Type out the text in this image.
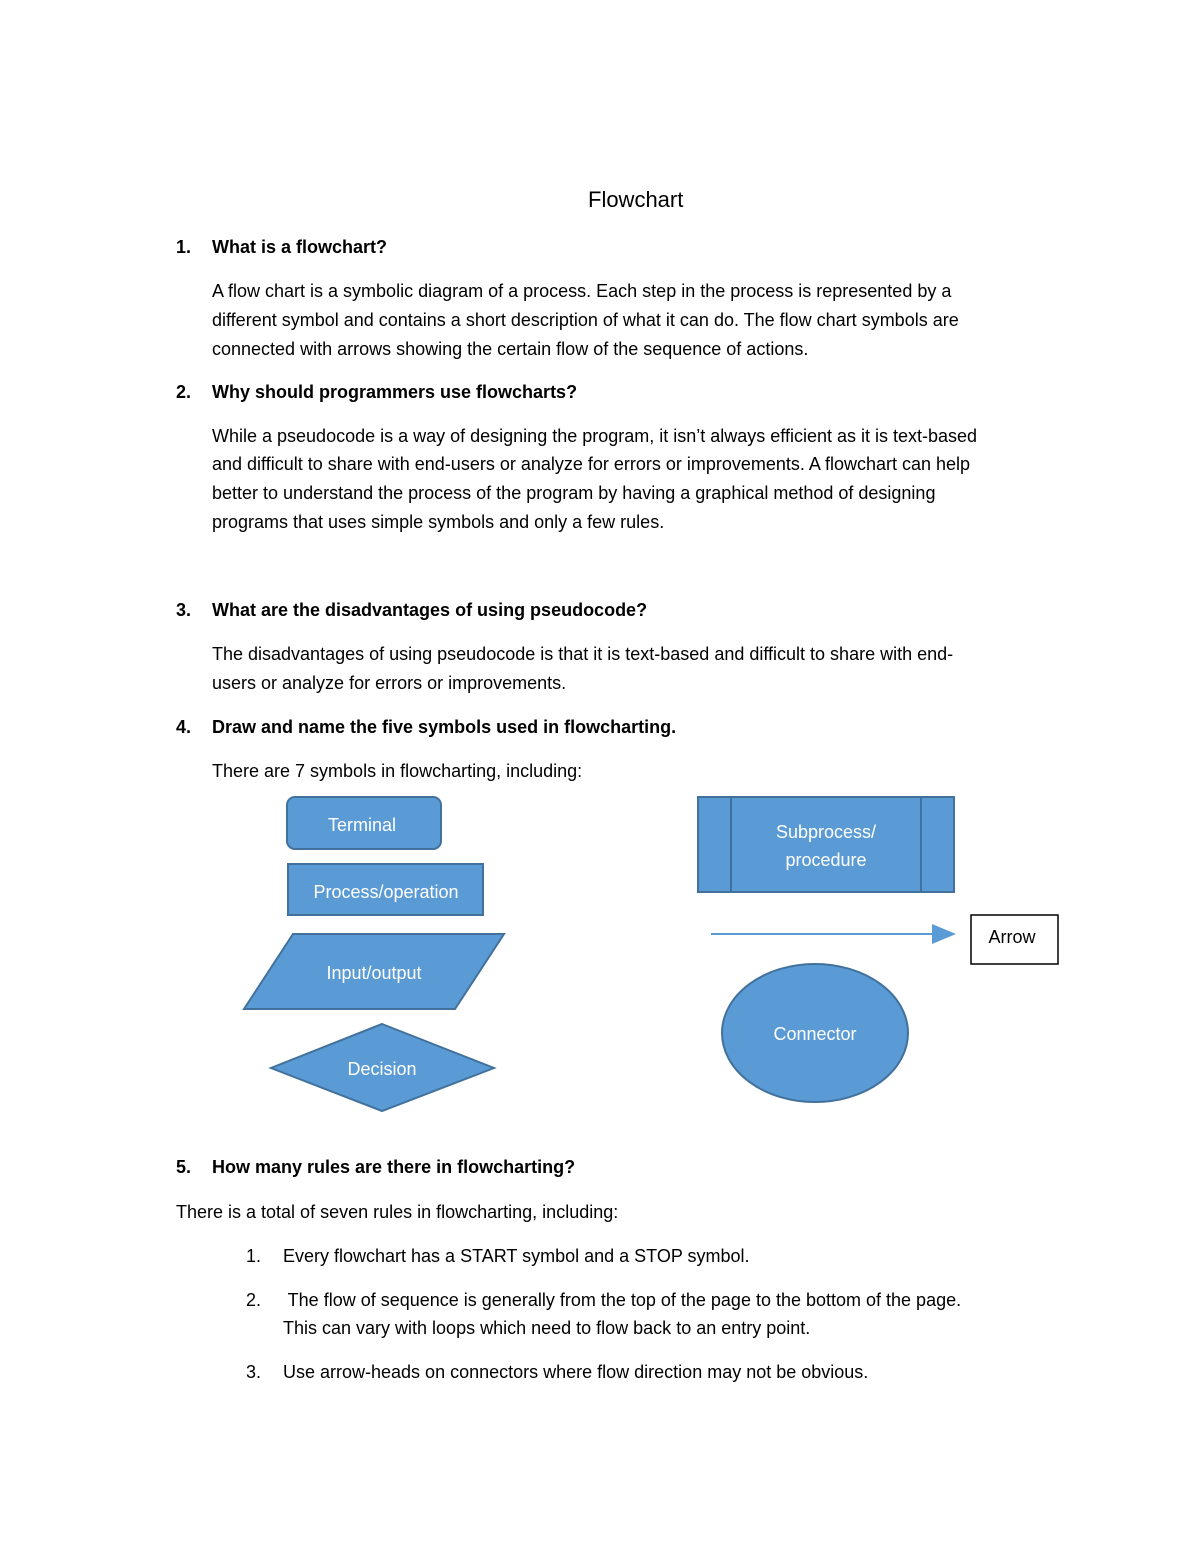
Flowchart
1. What is a flowchart?
A flow chart is a symbolic diagram of a process. Each step in the process is represented by a
different symbol and contains a short description of what it can do. The flow chart symbols are
connected with arrows showing the certain flow of the sequence of actions.
2. Why should programmers use flowcharts?
While a pseudocode is a way of designing the program, it isn’t always efficient as it is text-based
and difficult to share with end-users or analyze for errors or improvements. A flowchart can help
better to understand the process of the program by having a graphical method of designing
programs that uses simple symbols and only a few rules.
3. What are the disadvantages of using pseudocode?
The disadvantages of using pseudocode is that it is text-based and difficult to share with end-
users or analyze for errors or improvements.
4. Draw and name the five symbols used in flowcharting.
There are 7 symbols in flowcharting, including:
Terminal
Process/operation
Input/output
Decision
Subprocess/
procedure
Arrow
Connector
5. How many rules are there in flowcharting?
There is a total of seven rules in flowcharting, including:
1. Every flowchart has a START symbol and a STOP symbol.
2. The flow of sequence is generally from the top of the page to the bottom of the page.
This can vary with loops which need to flow back to an entry point.
3. Use arrow-heads on connectors where flow direction may not be obvious.
